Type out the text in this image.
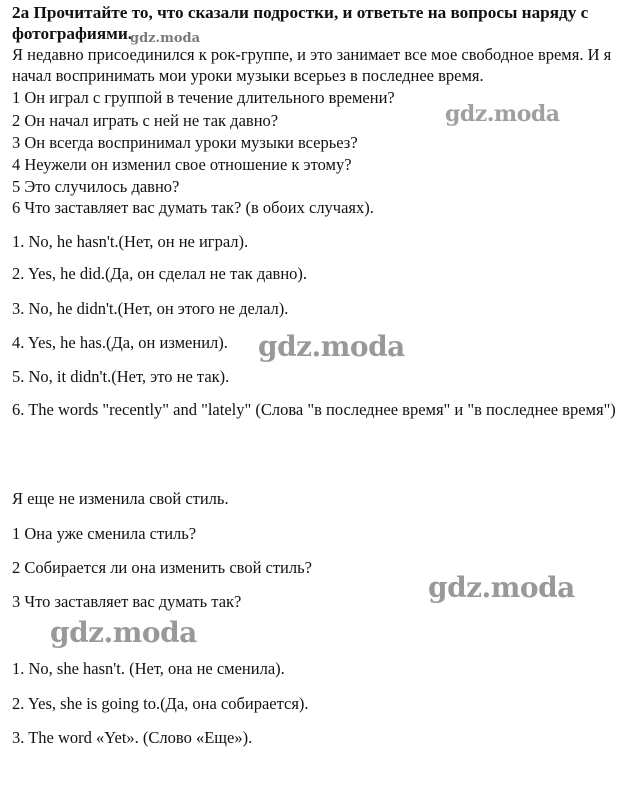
2а Прочитайте то, что сказали подростки, и ответьте на вопросы наряду с фотографиями.
Я недавно присоединился к рок-группе, и это занимает все мое свободное время. И я начал воспринимать мои уроки музыки всерьез в последнее время.
1 Он играл с группой в течение длительного времени?
2 Он начал играть с ней не так давно?
3 Он всегда воспринимал уроки музыки всерьез?
4 Неужели он изменил свое отношение к этому?
5 Это случилось давно?
6 Что заставляет вас думать так? (в обоих случаях).
1. No, he hasn't.(Нет, он не играл).
2. Yes, he did.(Да, он сделал не так давно).
3. No, he didn't.(Нет, он этого не делал).
4. Yes, he has.(Да, он изменил).
5. No, it didn't.(Нет, это не так).
6. The words "recently" and "lately" (Слова "в последнее время" и "в последнее время")
Я еще не изменила свой стиль.
1 Она уже сменила стиль?
2 Собирается ли она изменить свой стиль?
3 Что заставляет вас думать так?
1. No, she hasn't. (Нет, она не сменила).
2. Yes, she is going to.(Да, она собирается).
3. The word «Yet». (Слово «Еще»).
gdz.moda
gdz.moda
gdz.moda
gdz.moda
gdz.moda
